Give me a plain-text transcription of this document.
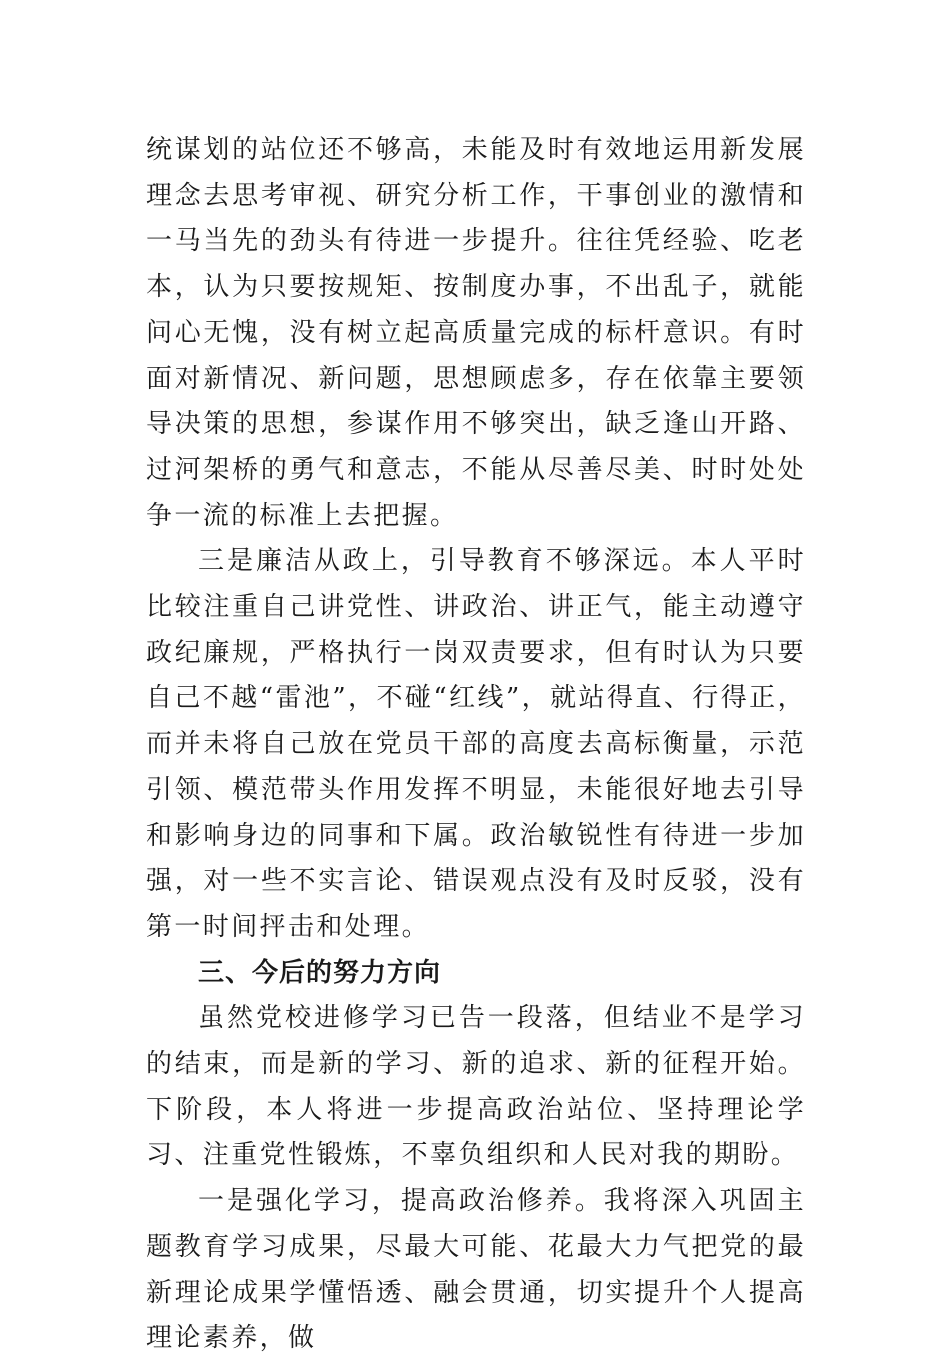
统谋划的站位还不够高，未能及时有效地运用新发展理念去思考审视、研究分析工作，干事创业的激情和一马当先的劲头有待进一步提升。往往凭经验、吃老本，认为只要按规矩、按制度办事，不出乱子，就能问心无愧，没有树立起高质量完成的标杆意识。有时面对新情况、新问题，思想顾虑多，存在依靠主要领导决策的思想，参谋作用不够突出，缺乏逢山开路、过河架桥的勇气和意志，不能从尽善尽美、时时处处争一流的标准上去把握。

三是廉洁从政上，引导教育不够深远。本人平时比较注重自己讲党性、讲政治、讲正气，能主动遵守政纪廉规，严格执行一岗双责要求，但有时认为只要自己不越“雷池”，不碰“红线”，就站得直、行得正，而并未将自己放在党员干部的高度去高标衡量，示范引领、模范带头作用发挥不明显，未能很好地去引导和影响身边的同事和下属。政治敏锐性有待进一步加强，对一些不实言论、错误观点没有及时反驳，没有第一时间抨击和处理。

三、今后的努力方向

虽然党校进修学习已告一段落，但结业不是学习的结束，而是新的学习、新的追求、新的征程开始。下阶段，本人将进一步提高政治站位、坚持理论学习、注重党性锻炼，不辜负组织和人民对我的期盼。

一是强化学习，提高政治修养。我将深入巩固主题教育学习成果，尽最大可能、花最大力气把党的最新理论成果学懂悟透、融会贯通，切实提升个人提高理论素养，做
